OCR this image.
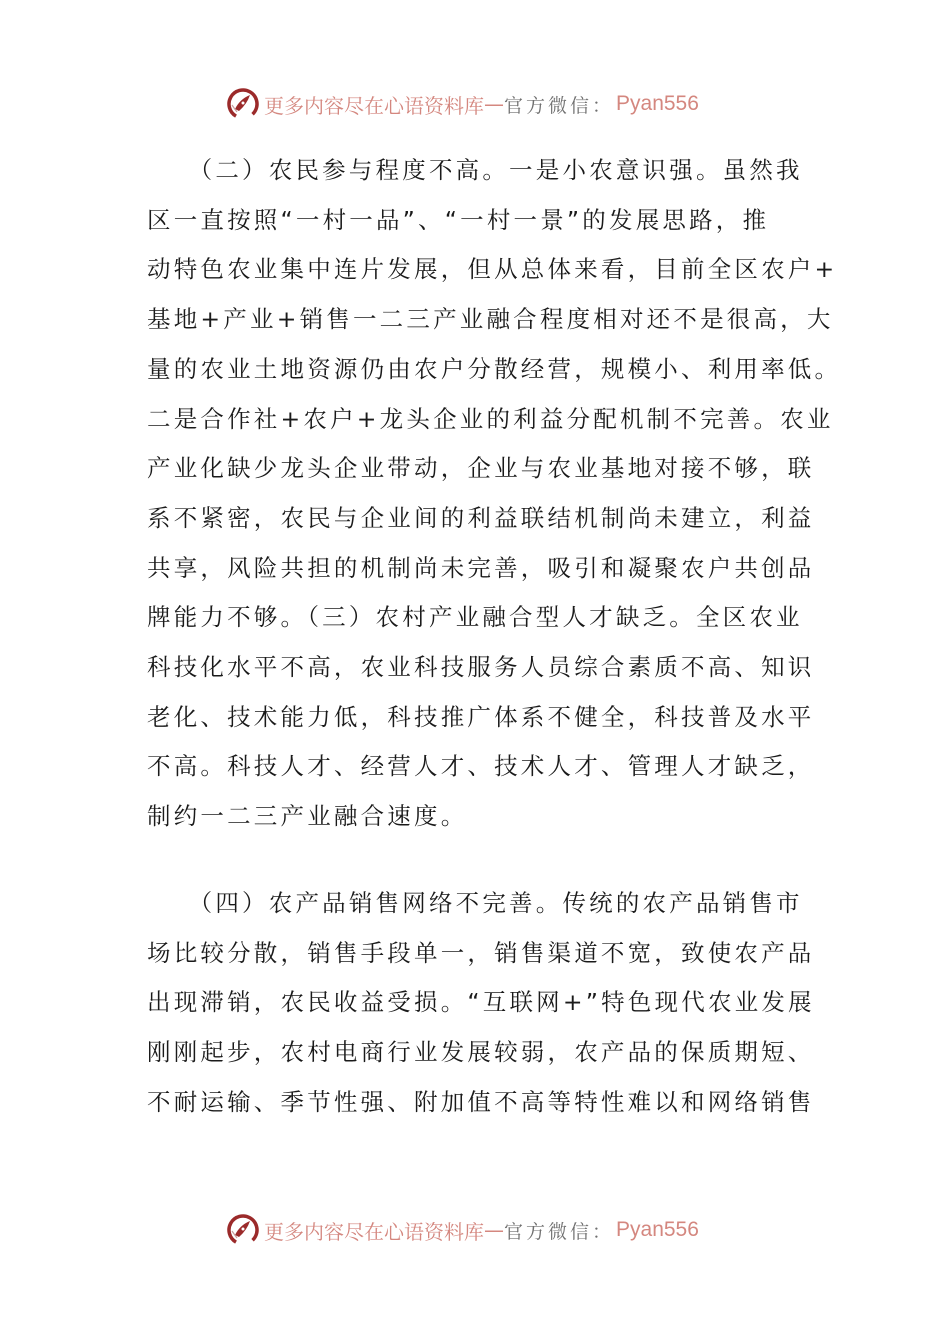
更多内容尽在心语资料库 — 官方微信： Pyan556

　　（二）农民参与程度不高。一是小农意识强。虽然我
区一直按照“一村一品”、“一村一景”的发展思路，推
动特色农业集中连片发展，但从总体来看，目前全区农户+
基地+产业+销售一二三产业融合程度相对还不是很高，大
量的农业土地资源仍由农户分散经营，规模小、利用率低。
二是合作社+农户+龙头企业的利益分配机制不完善。农业
产业化缺少龙头企业带动，企业与农业基地对接不够，联
系不紧密，农民与企业间的利益联结机制尚未建立，利益
共享，风险共担的机制尚未完善，吸引和凝聚农户共创品
牌能力不够。（三）农村产业融合型人才缺乏。全区农业
科技化水平不高，农业科技服务人员综合素质不高、知识
老化、技术能力低，科技推广体系不健全，科技普及水平
不高。科技人才、经营人才、技术人才、管理人才缺乏，
制约一二三产业融合速度。

　　（四）农产品销售网络不完善。传统的农产品销售市
场比较分散，销售手段单一，销售渠道不宽，致使农产品
出现滞销，农民收益受损。“互联网+”特色现代农业发展
刚刚起步，农村电商行业发展较弱，农产品的保质期短、
不耐运输、季节性强、附加值不高等特性难以和网络销售

更多内容尽在心语资料库 — 官方微信： Pyan556
